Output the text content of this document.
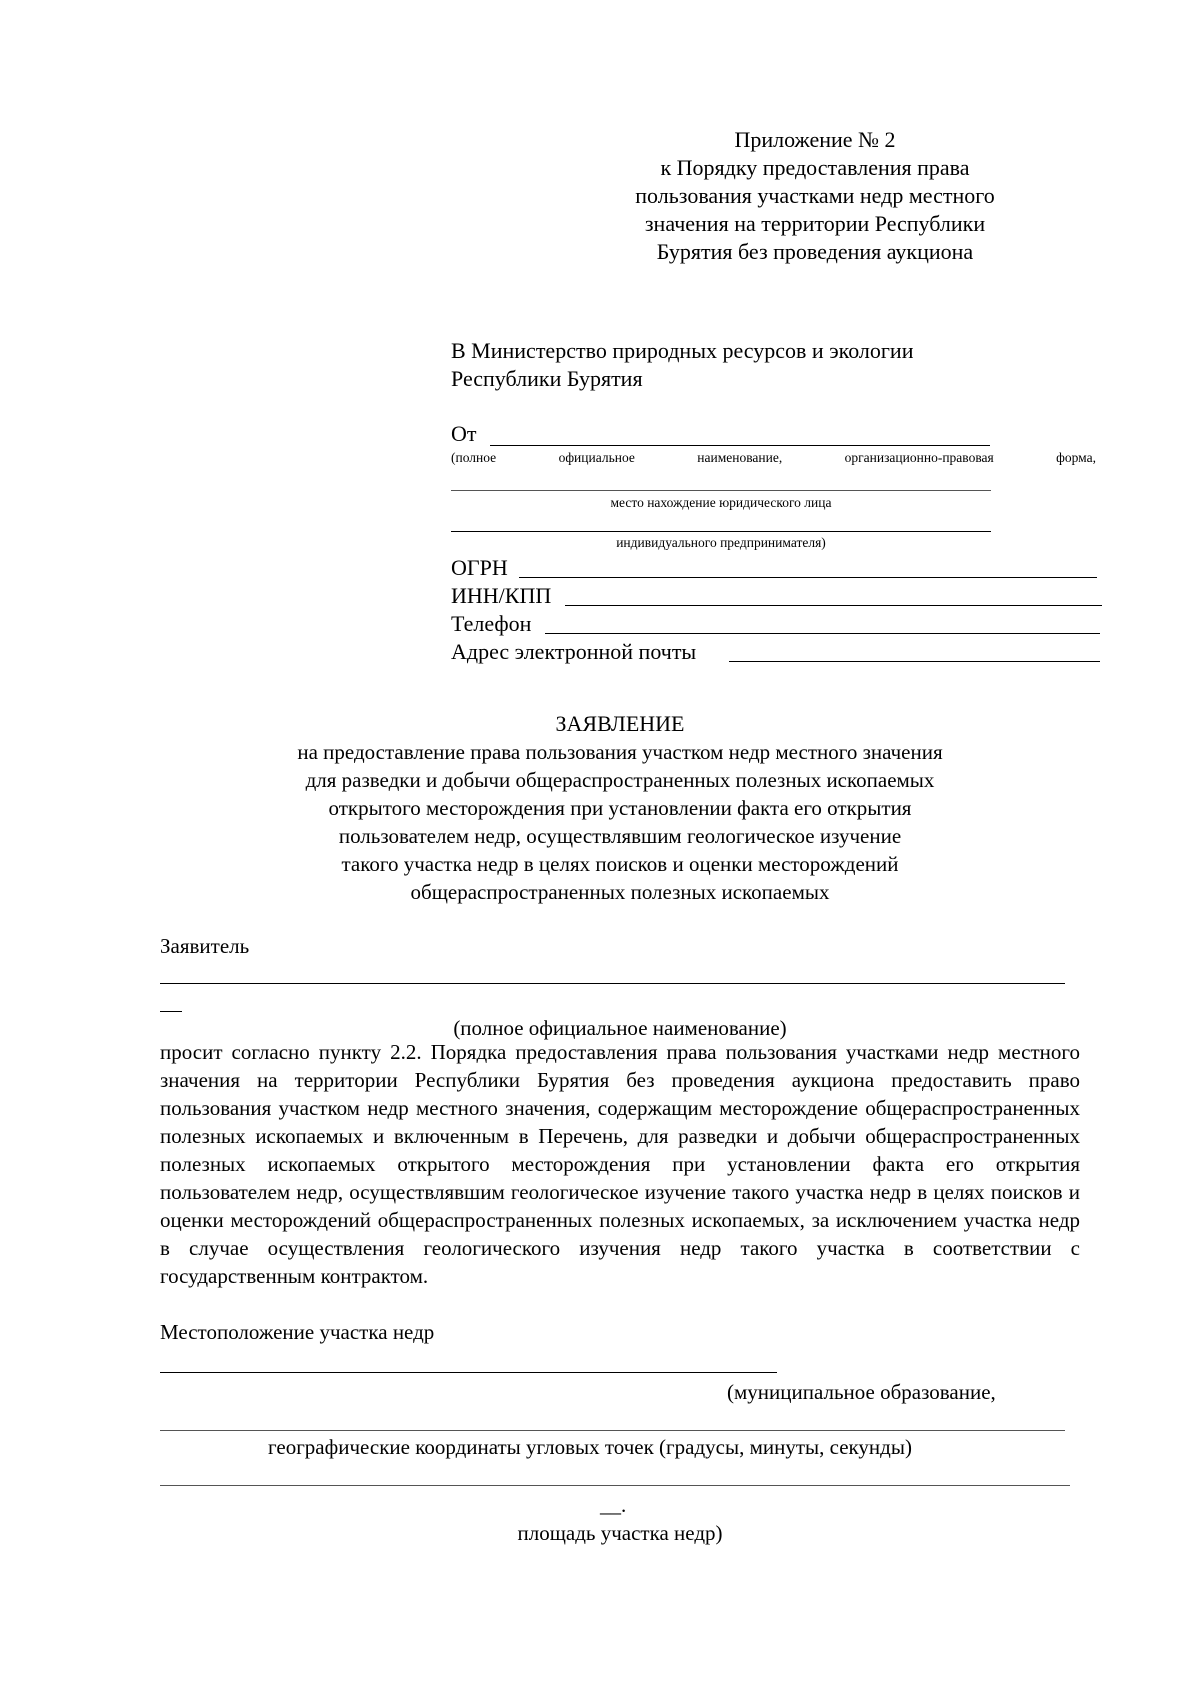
Приложение № 2
к Порядку предоставления права
пользования участками недр местного
значения на территории Республики
Бурятия без проведения аукциона
В Министерство природных ресурсов и экологии
Республики Бурятия
От
(полное	официальное	наименование,	организационно-правовая	форма,
место нахождение юридического лица
индивидуального предпринимателя)
ОГРН
ИНН/КПП
Телефон
Адрес электронной почты
ЗАЯВЛЕНИЕ
на предоставление права пользования участком недр местного значения
для разведки и добычи общераспространенных полезных ископаемых
открытого месторождения при установлении факта его открытия
пользователем недр, осуществлявшим геологическое изучение
такого участка недр в целях поисков и оценки месторождений
общераспространенных полезных ископаемых
Заявитель
(полное официальное наименование)
просит согласно пункту 2.2. Порядка предоставления права пользования участками недр местного значения на территории Республики Бурятия без проведения аукциона предоставить право пользования участком недр местного значения, содержащим месторождение общераспространенных полезных ископаемых и включенным в Перечень, для разведки и добычи общераспространенных полезных ископаемых открытого месторождения при установлении факта его открытия пользователем недр, осуществлявшим геологическое изучение такого участка недр в целях поисков и оценки месторождений общераспространенных полезных ископаемых, за исключением участка недр в случае осуществления геологического изучения недр такого участка в соответствии с государственным контрактом.
Местоположение участка недр
(муниципальное образование,
географические координаты угловых точек (градусы, минуты, секунды)
__.
площадь участка недр)
